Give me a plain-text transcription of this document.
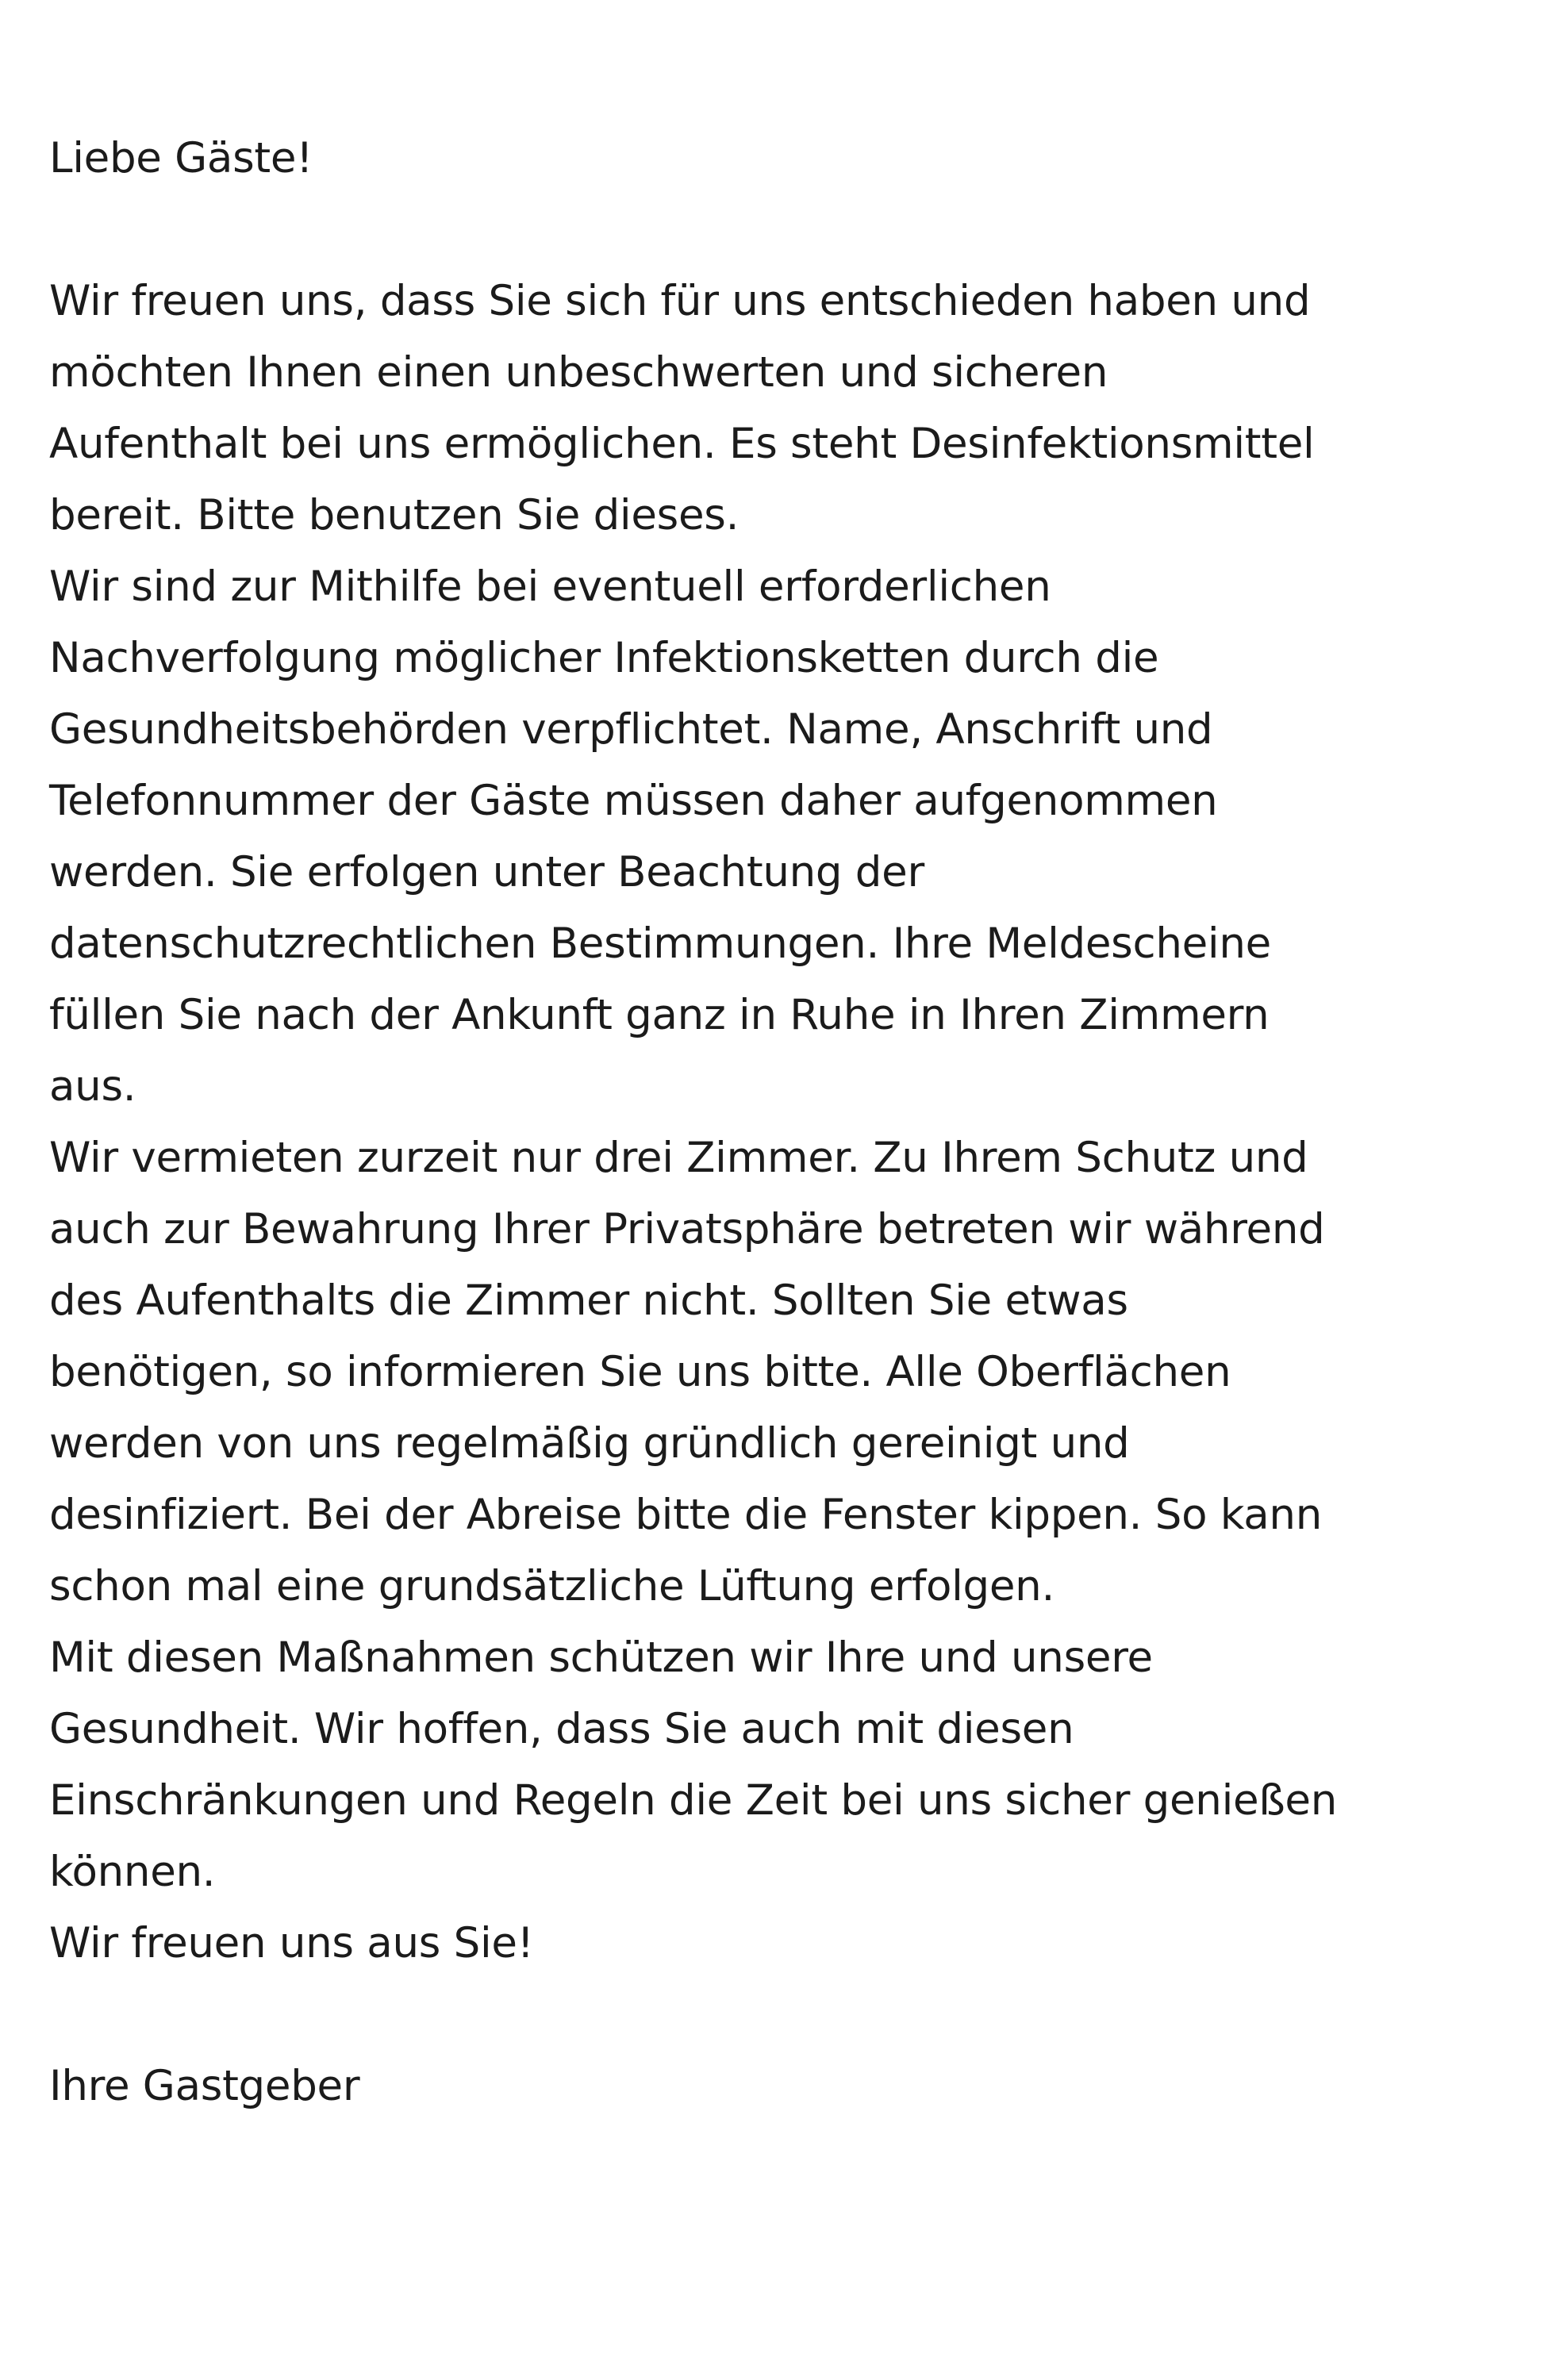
Liebe Gäste!
Wir freuen uns, dass Sie sich für uns entschieden haben und
möchten Ihnen einen unbeschwerten und sicheren
Aufenthalt bei uns ermöglichen. Es steht Desinfektionsmittel
bereit. Bitte benutzen Sie dieses.
Wir sind zur Mithilfe bei eventuell erforderlichen
Nachverfolgung möglicher Infektionsketten durch die
Gesundheitsbehörden verpflichtet. Name, Anschrift und
Telefonnummer der Gäste müssen daher aufgenommen
werden. Sie erfolgen unter Beachtung der
datenschutzrechtlichen Bestimmungen. Ihre Meldescheine
füllen Sie nach der Ankunft ganz in Ruhe in Ihren Zimmern
aus.
Wir vermieten zurzeit nur drei Zimmer. Zu Ihrem Schutz und
auch zur Bewahrung Ihrer Privatsphäre betreten wir während
des Aufenthalts die Zimmer nicht. Sollten Sie etwas
benötigen, so informieren Sie uns bitte. Alle Oberflächen
werden von uns regelmäßig gründlich gereinigt und
desinfiziert. Bei der Abreise bitte die Fenster kippen. So kann
schon mal eine grundsätzliche Lüftung erfolgen.
Mit diesen Maßnahmen schützen wir Ihre und unsere
Gesundheit. Wir hoffen, dass Sie auch mit diesen
Einschränkungen und Regeln die Zeit bei uns sicher genießen
können.
Wir freuen uns aus Sie!
Ihre Gastgeber
